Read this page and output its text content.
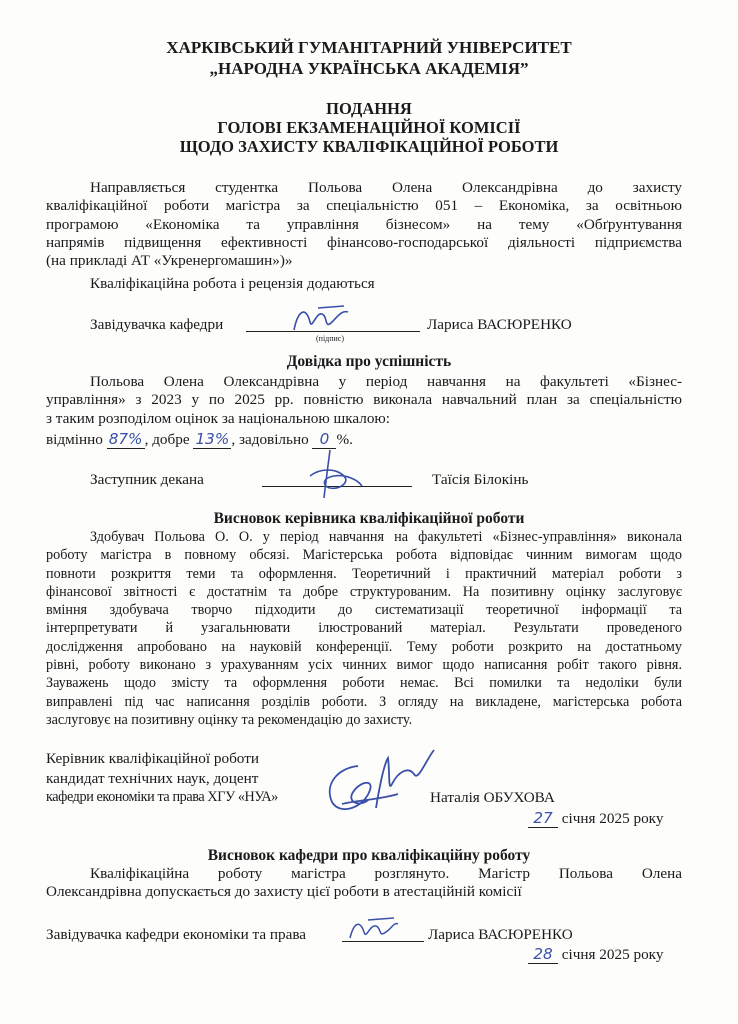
ХАРКІВСЬКИЙ ГУМАНІТАРНИЙ УНІВЕРСИТЕТ
„НАРОДНА УКРАЇНСЬКА АКАДЕМІЯ”
ПОДАННЯ
ГОЛОВІ ЕКЗАМЕНАЦІЙНОЇ КОМІСІЇ
ЩОДО ЗАХИСТУ КВАЛІФІКАЦІЙНОЇ РОБОТИ
Направляється студентка Польова Олена Олександрівна до захисту
кваліфікаційної роботи магістра за спеціальністю 051 – Економіка, за освітньою
програмою «Економіка та управління бізнесом» на тему «Обґрунтування
напрямів підвищення ефективності фінансово-господарської діяльності підприємства
(на прикладі АТ «Укренергомашин»)»
Кваліфікаційна робота і рецензія додаються
Завідувачка кафедри
(підпис)
Лариса ВАСЮРЕНКО
Довідка про успішність
Польова Олена Олександрівна у період навчання на факультеті «Бізнес-
управління» з 2023 у по 2025 рр. повністю виконала навчальний план за спеціальністю
з таким розподілом оцінок за національною шкалою:
відмінно 87% , добре 13% , задовільно 0 %.
Заступник декана	Таїсія Білокінь
Висновок керівника кваліфікаційної роботи
Здобувач Польова О. О. у період навчання на факультеті «Бізнес-управління» виконала
роботу магістра в повному обсязі. Магістерська робота відповідає чинним вимогам щодо
повноти розкриття теми та оформлення. Теоретичний і практичний матеріал роботи з
фінансової звітності є достатнім та добре структурованим. На позитивну оцінку заслуговує
вміння здобувача творчо підходити до систематизації теоретичної інформації та
інтерпретувати й узагальнювати ілюстрований матеріал. Результати проведеного
дослідження апробовано на науковій конференції. Тему роботи розкрито на достатньому
рівні, роботу виконано з урахуванням усіх чинних вимог щодо написання робіт такого рівня.
Зауважень щодо змісту та оформлення роботи немає. Всі помилки та недоліки були
виправлені під час написання розділів роботи. З огляду на викладене, магістерська робота
заслуговує на позитивну оцінку та рекомендацію до захисту.
Керівник кваліфікаційної роботи
кандидат технічних наук, доцент
кафедри економіки та права ХГУ «НУА»	Наталія ОБУХОВА
27 січня 2025 року
Висновок кафедри про кваліфікаційну роботу
Кваліфікаційна роботу магістра розглянуто. Магістр Польова Олена
Олександрівна допускається до захисту цієї роботи в атестаційній комісії
Завідувачка кафедри економіки та права	Лариса ВАСЮРЕНКО
28 січня 2025 року
